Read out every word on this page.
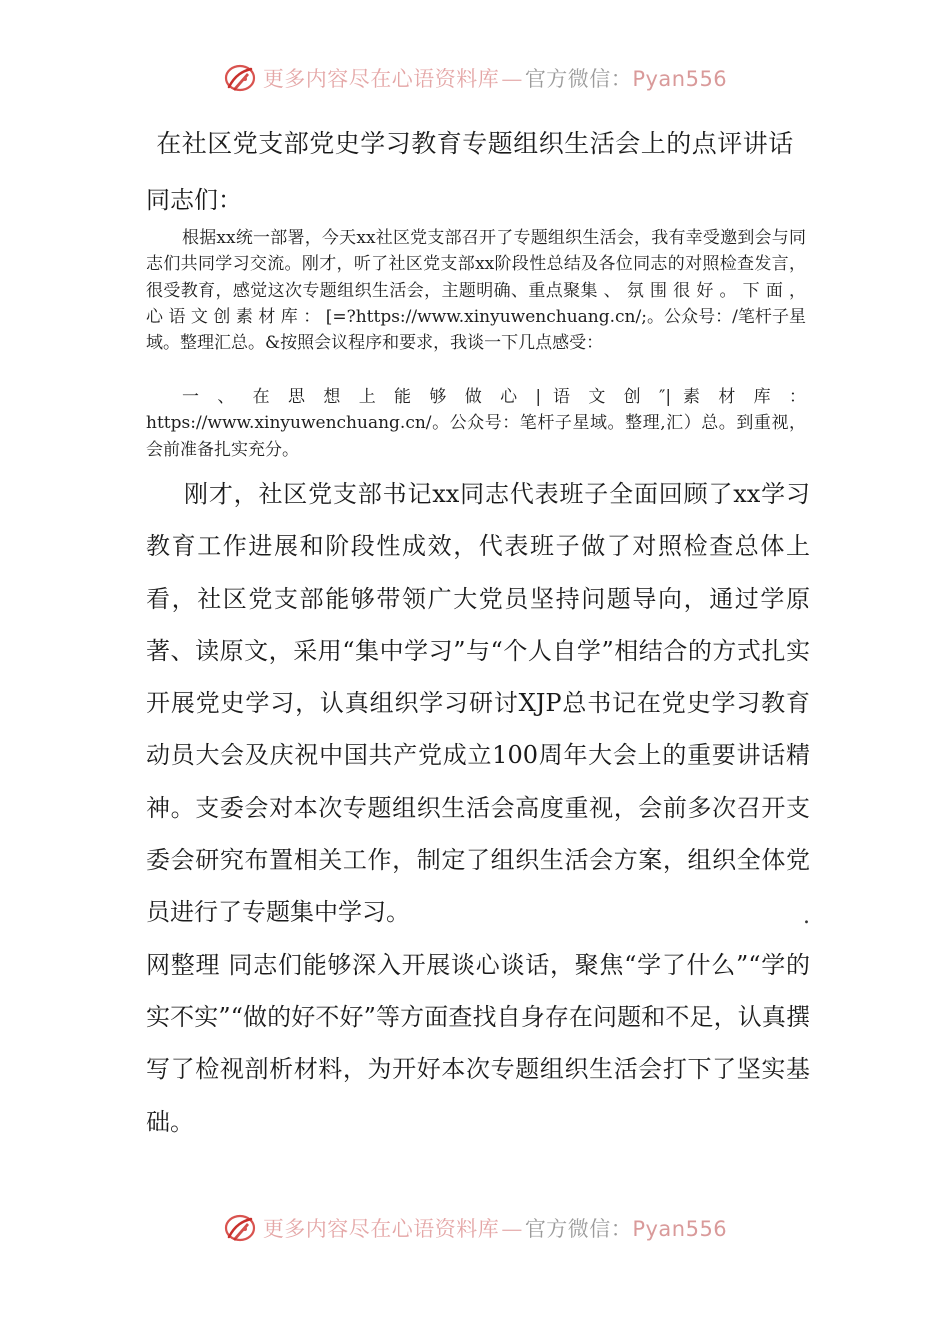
更多内容尽在心语资料库—官方微信：Pyan556
在社区党支部党史学习教育专题组织生活会上的点评讲话
同志们：

根据xx统一部署，今天xx社区党支部召开了专题组织生活会，我有幸受邀到会与同志们共同学习交流。刚才，听了社区党支部xx阶段性总结及各位同志的对照检查发言，很受教育，感觉这次专题组织生活会，主题明确、重点聚集 、 氛 围 很 好 。 下 面 ， 心 语 文 创 素 材 库 ： [=?https://www.xinyuwenchuang.cn/;。公众号：/笔杆子星域。整理汇总。&按照会议程序和要求，我谈一下几点感受：

一 、 在 思 想 上 能 够 做 心 | 语 文 创 ″| 素 材 库 ： https://www.xinyuwenchuang.cn/。公众号：笔杆子星域。整理,汇）总。到重视，会前准备扎实充分。

刚才，社区党支部书记xx同志代表班子全面回顾了xx学习教育工作进展和阶段性成效，代表班子做了对照检查总体上看，社区党支部能够带领广大党员坚持问题导向，通过学原著、读原文，采用“集中学习”与“个人自学”相结合的方式扎实开展党史学习，认真组织学习研讨XJP总书记在党史学习教育动员大会及庆祝中国共产党成立100周年大会上的重要讲话精神。支委会对本次专题组织生活会高度重视，会前多次召开支委会研究布置相关工作，制定了组织生活会方案，组织全体党员进行了专题集中学习。

网整理 同志们能够深入开展谈心谈话，聚焦“学了什么”“学的实不实”“做的好不好”等方面查找自身存在问题和不足，认真撰写了检视剖析材料，为开好本次专题组织生活会打下了坚实基础。

.
更多内容尽在心语资料库—官方微信：Pyan556
